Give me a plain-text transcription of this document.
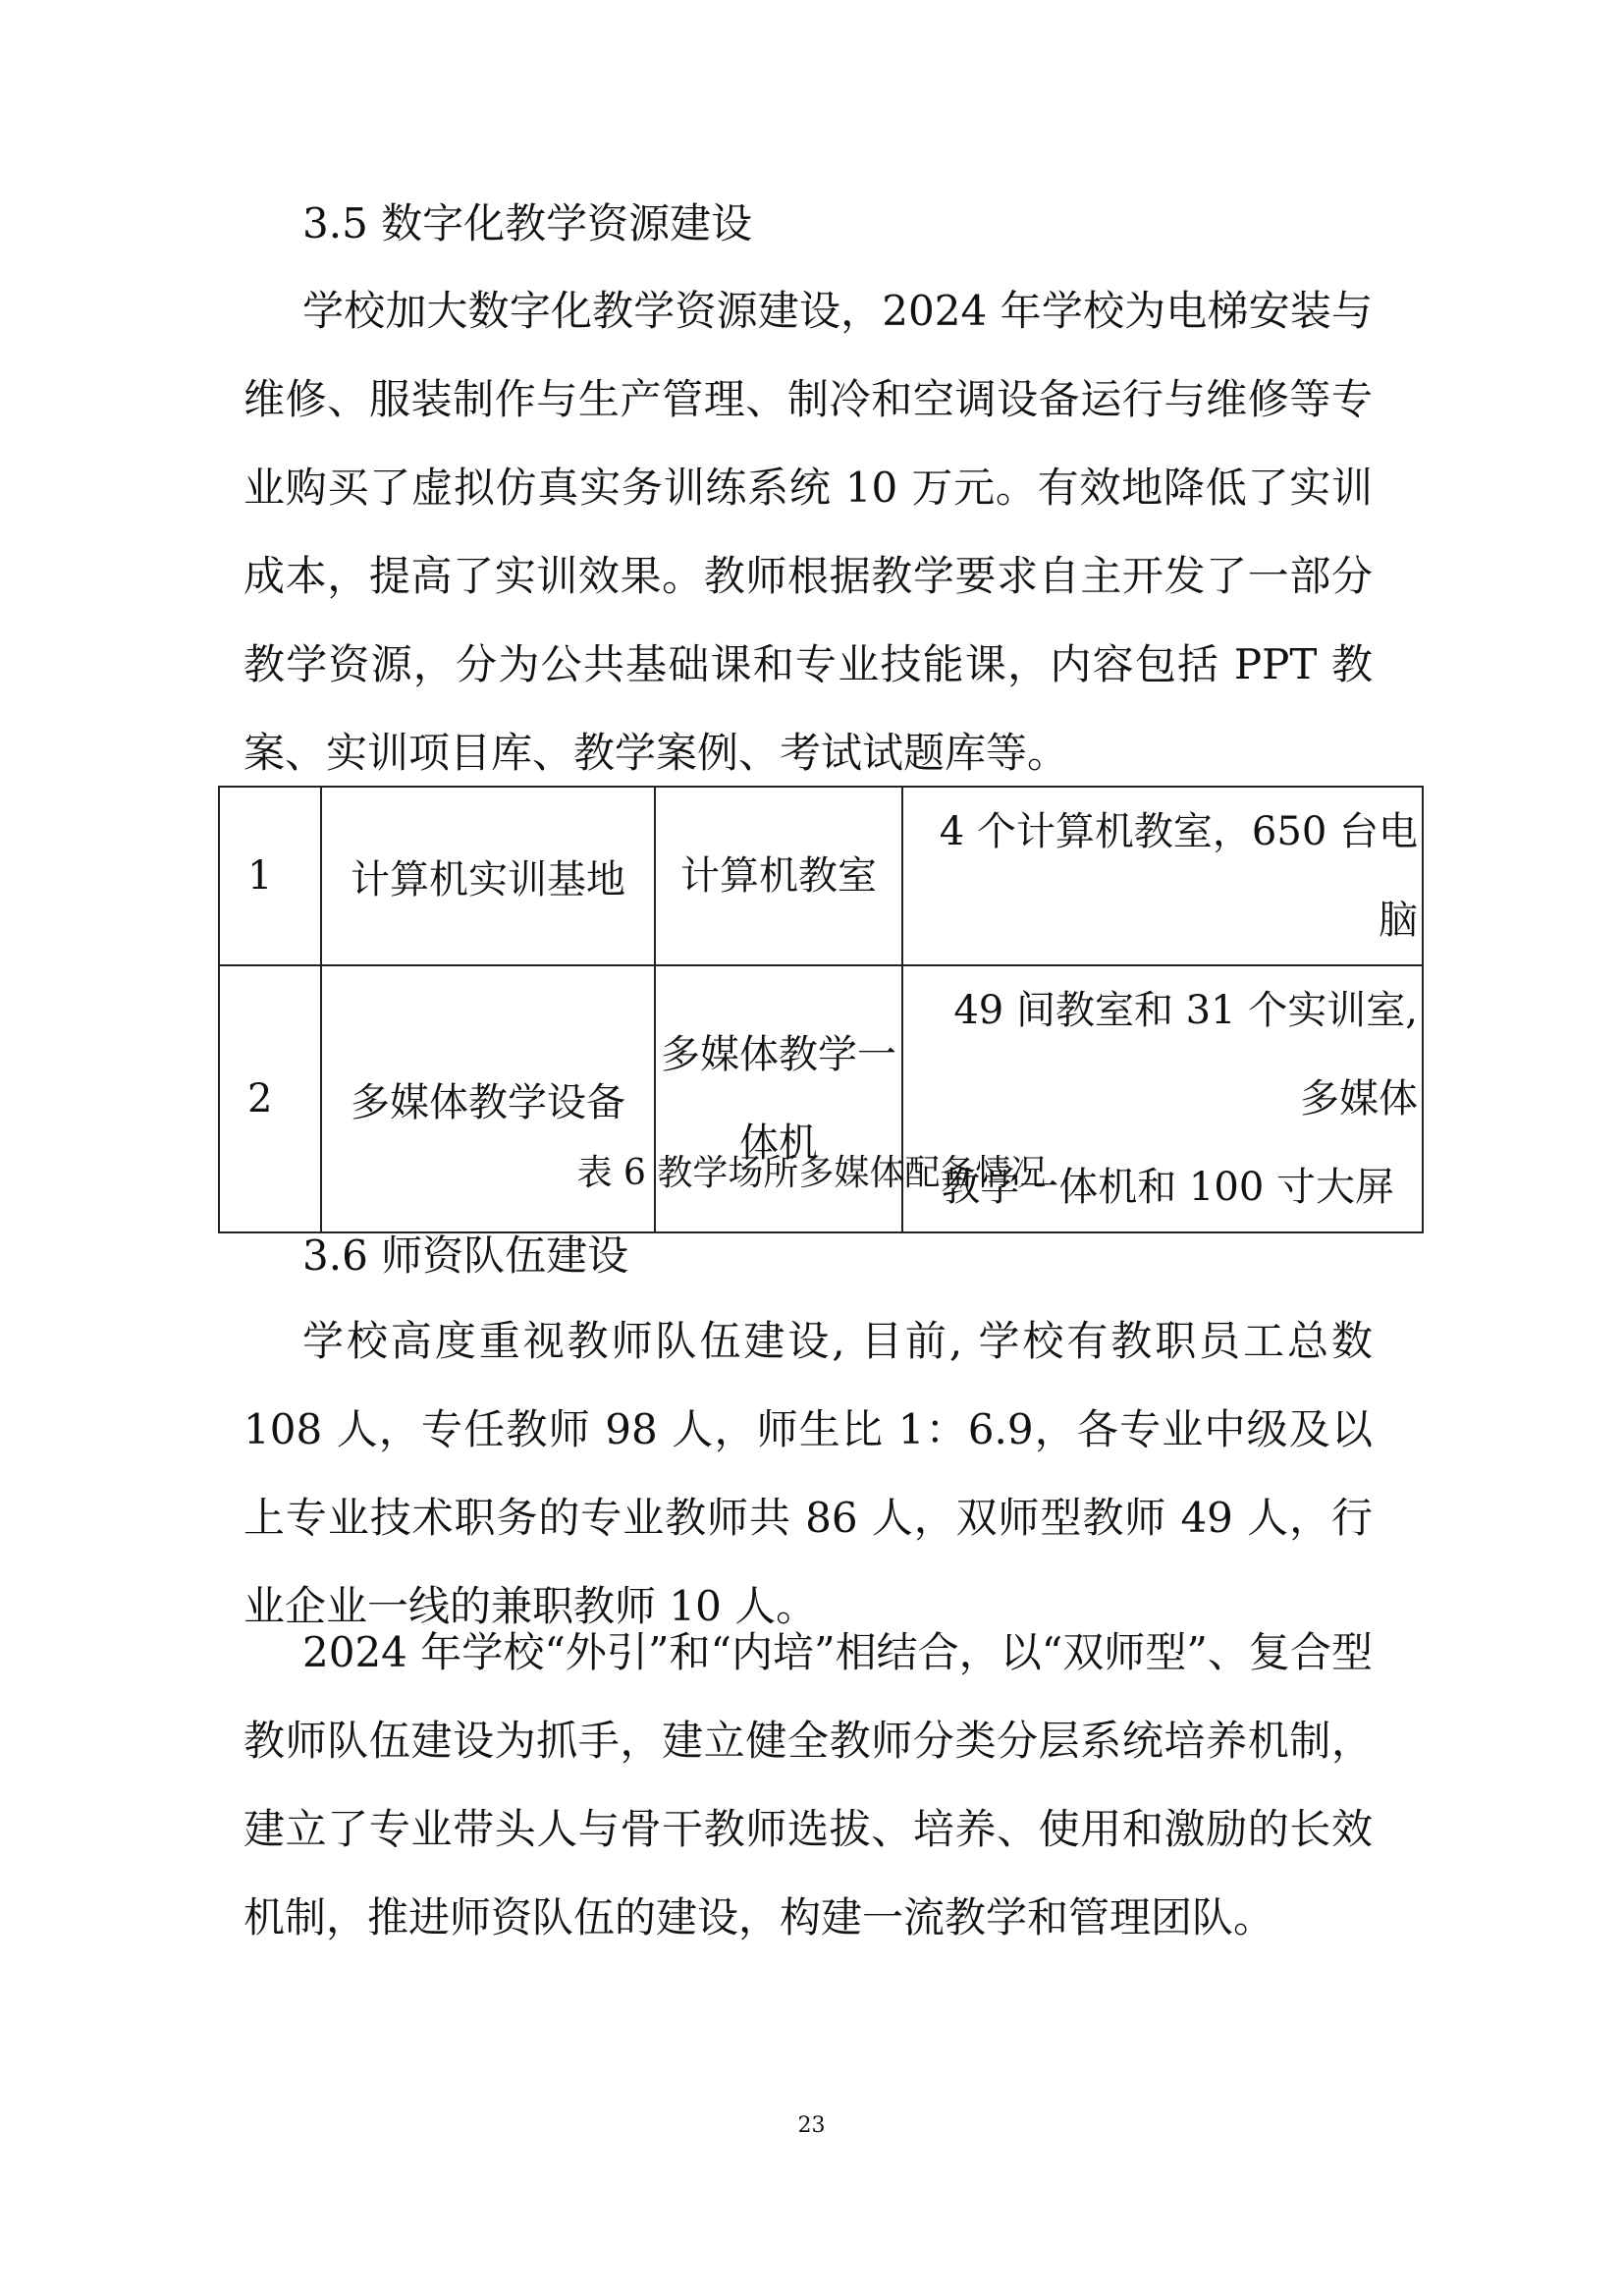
3.5 数字化教学资源建设

学校加大数字化教学资源建设，2024 年学校为电梯安装与维修、服装制作与生产管理、制冷和空调设备运行与维修等专业购买了虚拟仿真实务训练系统 10 万元。有效地降低了实训成本，提高了实训效果。教师根据教学要求自主开发了一部分教学资源，分为公共基础课和专业技能课，内容包括 PPT 教案、实训项目库、教学案例、考试试题库等。

1	计算机实训基地	计算机教室	4 个计算机教室，650 台电脑

2	多媒体教学设备	多媒体教学一体机	49 间教室和 31 个实训室, 多媒体
教学一体机和 100 寸大屏

表 6 教学场所多媒体配备情况

3.6 师资队伍建设

学校高度重视教师队伍建设, 目前, 学校有教职员工总数 108 人，专任教师 98 人，师生比 1：6.9，各专业中级及以上专业技术职务的专业教师共 86 人，双师型教师 49 人，行业企业一线的兼职教师 10 人。

2024 年学校“外引”和“内培”相结合，以“双师型”、复合型教师队伍建设为抓手，建立健全教师分类分层系统培养机制，建立了专业带头人与骨干教师选拔、培养、使用和激励的长效机制，推进师资队伍的建设，构建一流教学和管理团队。

23
